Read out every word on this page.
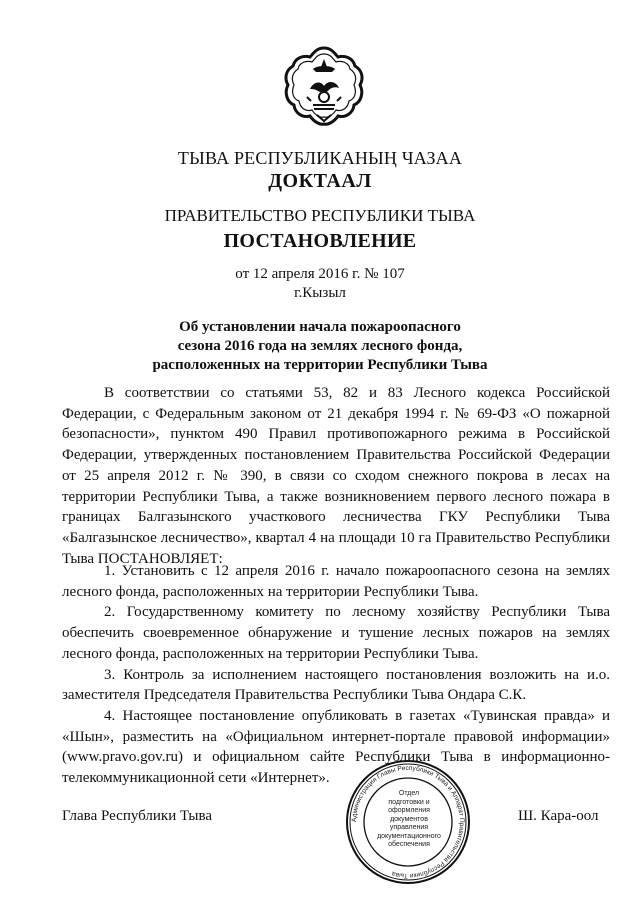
ТЫВА РЕСПУБЛИКАНЫҢ ЧАЗАА
ДОКТААЛ
ПРАВИТЕЛЬСТВО РЕСПУБЛИКИ ТЫВА
ПОСТАНОВЛЕНИЕ
от 12 апреля 2016 г. № 107
г.Кызыл
Об установлении начала пожароопасного
сезона 2016 года на землях лесного фонда,
расположенных на территории Республики Тыва
В соответствии со статьями 53, 82 и 83 Лесного кодекса Российской Федерации, с Федеральным законом от 21 декабря 1994 г. № 69-ФЗ «О пожарной безопасности», пунктом 490 Правил противопожарного режима в Российской Федерации, утвержденных постановлением Правительства Российской Федерации от 25 апреля 2012 г. № 390, в связи со сходом снежного покрова в лесах на территории Республики Тыва, а также возникновением первого лесного пожара в границах Балгазынского участкового лесничества ГКУ Республики Тыва «Балгазынское лесничество», квартал 4 на площади 10 га Правительство Республики Тыва ПОСТАНОВЛЯЕТ:

1. Установить с 12 апреля 2016 г. начало пожароопасного сезона на землях лесного фонда, расположенных на территории Республики Тыва.

2. Государственному комитету по лесному хозяйству Республики Тыва обеспечить своевременное обнаружение и тушение лесных пожаров на землях лесного фонда, расположенных на территории Республики Тыва.

3. Контроль за исполнением настоящего постановления возложить на и.о. заместителя Председателя Правительства Республики Тыва Ондара С.К.

4. Настоящее постановление опубликовать в газетах «Тувинская правда» и «Шын», разместить на «Официальном интернет-портале правовой информации» (www.pravo.gov.ru) и официальном сайте Республики Тыва в информационно-телекоммуникационной сети «Интернет».

Администрация Главы Республики Тыва и Аппарат Правительства Республики Тыва
Отдел
подготовки и
оформления документов
управления
документационного
обеспечения
Глава Республики Тыва	Ш. Кара-оол
